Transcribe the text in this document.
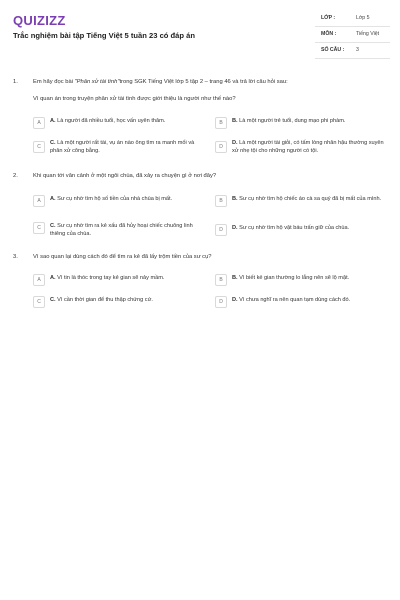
QUIZIZZ
Trắc nghiệm bài tập Tiếng Việt 5 tuần 23 có đáp án
LỚP :	Lớp 5
MÔN :	Tiếng Việt
SỐ CÂU : 3
1.	Em hãy đọc bài "Phân xử tài tình"trong SGK Tiếng Việt lớp 5 tập 2 – trang 46 và trả lời câu hỏi sau:
Vì quan án trong truyện phân xử tài tình được giới thiệu là người như thế nào?
A	A. Là người đã nhiều tuổi, học vấn uyên thâm.	B	B. Là một người trẻ tuổi, dung mạo phi phàm.
C
C. Là một người rất tài, vụ án nào ông tìm ra manh mối và phân xử công bằng.
D
D. Là một người tài giỏi, có tấm lòng nhân hậu thường xuyên xử nhẹ tội cho những người có tội.
2.	Khi quan tới văn cảnh ở một ngôi chùa, đã xảy ra chuyện gì ở nơi đây?
A	A. Sư cụ nhờ tìm hộ số tiền của nhà chùa bị mất.	B	B. Sư cụ nhờ tìm hộ chiếc áo cà sa quý đã bị mất của mình.
C	C. Sư cụ nhờ tìm ra kẻ xấu đã hủy hoại chiếc chuông linh thiêng của chùa.
D	D. Sư cụ nhờ tìm hộ vật báu trấn giữ của chùa.
3.	Vì sao quan lại dùng cách đó để tìm ra kẻ đã lấy trộm tiền của sư cụ?
A	A. Vì tin là thóc trong tay kẻ gian sẽ nảy mầm.	B	B. Vì biết kẻ gian thường lo lắng nên sẽ lộ mặt.
C	C. Vì cần thời gian để thu thập chứng cứ.	D	D. Vì chưa nghĩ ra nên quan tạm dùng cách đó.
